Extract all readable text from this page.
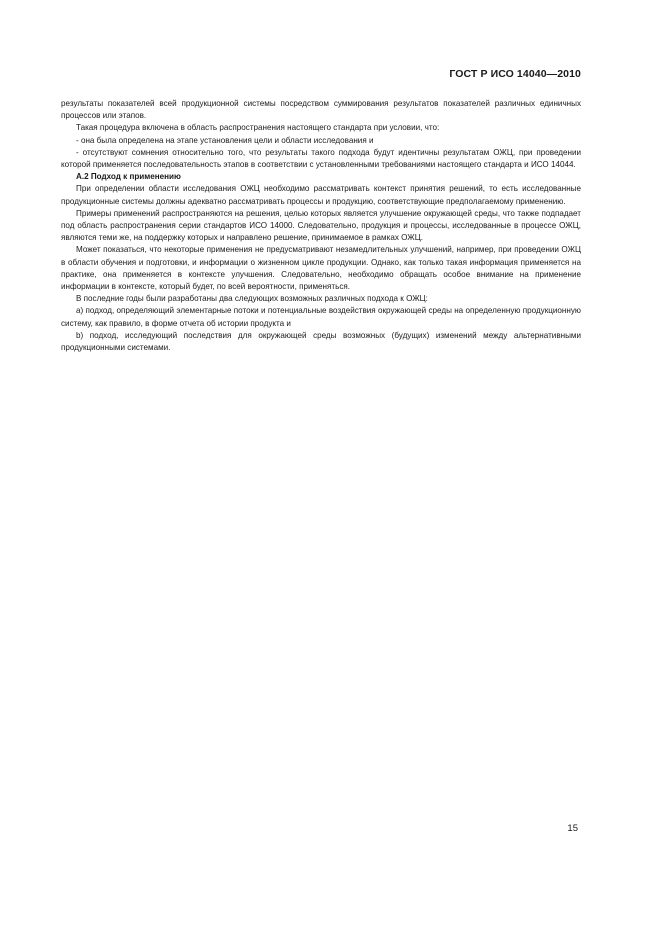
ГОСТ Р ИСО 14040—2010

результаты показателей всей продукционной системы посредством суммирования результатов показателей различных единичных процессов или этапов.

Такая процедура включена в область распространения настоящего стандарта при условии, что:

- она была определена на этапе установления цели и области исследования и

- отсутствуют сомнения относительно того, что результаты такого подхода будут идентичны результатам ОЖЦ, при проведении которой применяется последовательность этапов в соответствии с установленными требованиями настоящего стандарта и ИСО 14044.

А.2 Подход к применению

При определении области исследования ОЖЦ необходимо рассматривать контекст принятия решений, то есть исследованные продукционные системы должны адекватно рассматривать процессы и продукцию, соответствующие предполагаемому применению.

Примеры применений распространяются на решения, целью которых является улучшение окружающей среды, что также подпадает под область распространения серии стандартов ИСО 14000. Следовательно, продукция и процессы, исследованные в процессе ОЖЦ, являются теми же, на поддержку которых и направлено решение, принимаемое в рамках ОЖЦ.

Может показаться, что некоторые применения не предусматривают незамедлительных улучшений, например, при проведении ОЖЦ в области обучения и подготовки, и информации о жизненном цикле продукции. Однако, как только такая информация применяется на практике, она применяется в контексте улучшения. Следовательно, необходимо обращать особое внимание на применение информации в контексте, который будет, по всей вероятности, применяться.

В последние годы были разработаны два следующих возможных различных подхода к ОЖЦ:

a) подход, определяющий элементарные потоки и потенциальные воздействия окружающей среды на определенную продукционную систему, как правило, в форме отчета об истории продукта и

b) подход, исследующий последствия для окружающей среды возможных (будущих) изменений между альтернативными продукционными системами.

15
